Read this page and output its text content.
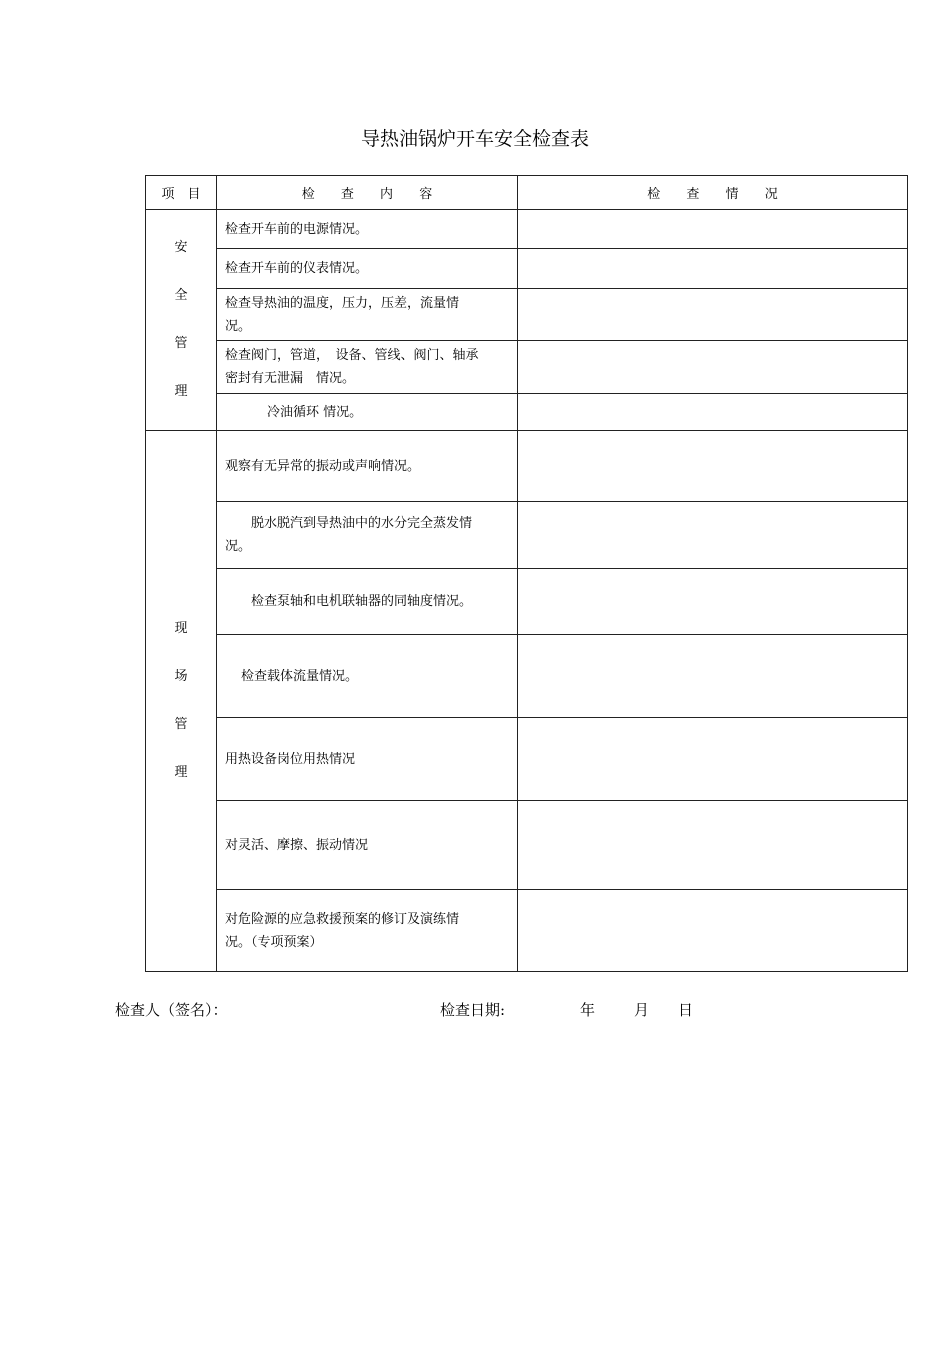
导热油锅炉开车安全检查表
项　目	检 查 内 容	检 查 情 况

安
全
管
理	检查开车前的电源情况。	
	检查开车前的仪表情况。	
	检查导热油的温度，压力，压差，流量情况。	
	检查阀门，管道，　设备、管线、阀门、轴承密封有无泄漏　情况。	
	冷油循环 情况。	

现
场
管
理	观察有无异常的振动或声响情况。	
	脱水脱汽到导热油中的水分完全蒸发情况。	
	检查泵轴和电机联轴器的同轴度情况。	
	检查载体流量情况。	
	用热设备岗位用热情况	
	对灵活、摩擦、振动情况	
	对危险源的应急救援预案的修订及演练情况。（专项预案）	
检查人（签名）：	检查日期:	年	月 日
